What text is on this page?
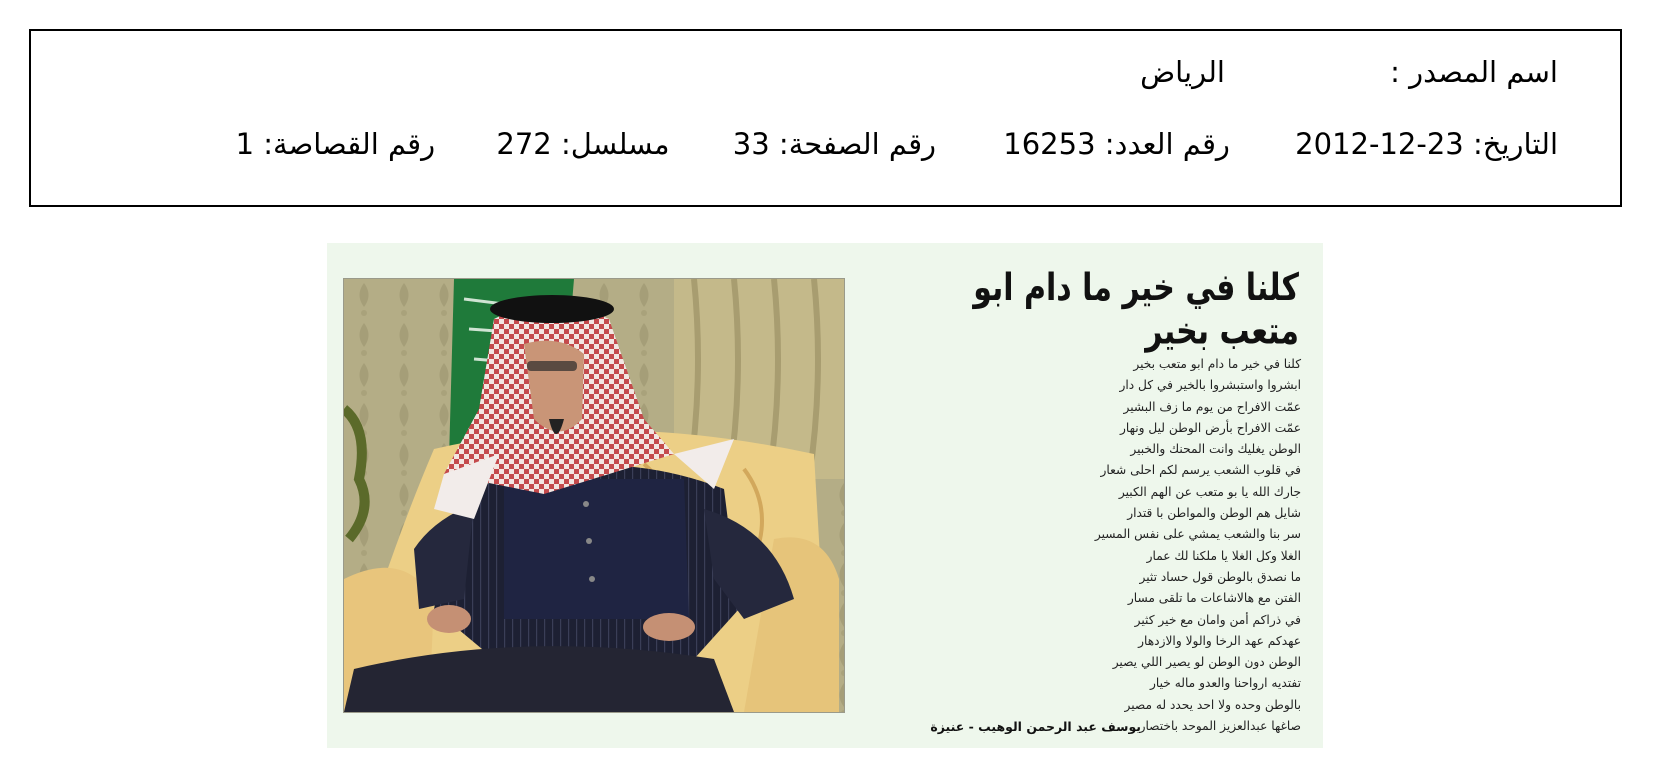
اسم المصدر :
الرياض
التاريخ: 23-12-2012 رقم العدد: 16253 رقم الصفحة: 33 مسلسل: 272 رقم القصاصة: 1
كلنا في خير ما دام ابو متعب بخير
كلنا في خير ما دام ابو متعب بخير
ابشروا واستبشروا بالخير في كل دار
عمّت الافراح من يوم ما زف البشير
عمّت الافراح بأرض الوطن ليل ونهار
الوطن يغليك وانت المحنك والخبير
في قلوب الشعب يرسم لكم احلى شعار
جارك الله يا بو متعب عن الهم الكبير
شايل هم الوطن والمواطن با قتدار
سر بنا والشعب يمشي على نفس المسير
الغلا وكل الغلا يا ملكنا لك عمار
ما نصدق بالوطن قول حساد تثير
الفتن مع هالاشاعات ما تلقى مسار
في ذراكم أمن وامان مع خير كثير
عهدكم عهد الرخا والولا والازدهار
الوطن دون الوطن لو يصير اللي يصير
تفتديه ارواحنا والعدو ماله خيار
بالوطن وحده ولا احد يحدد له مصير
صاغها عبدالعزيز الموحد باختصار
يوسف عبد الرحمن الوهيب - عنيزة
